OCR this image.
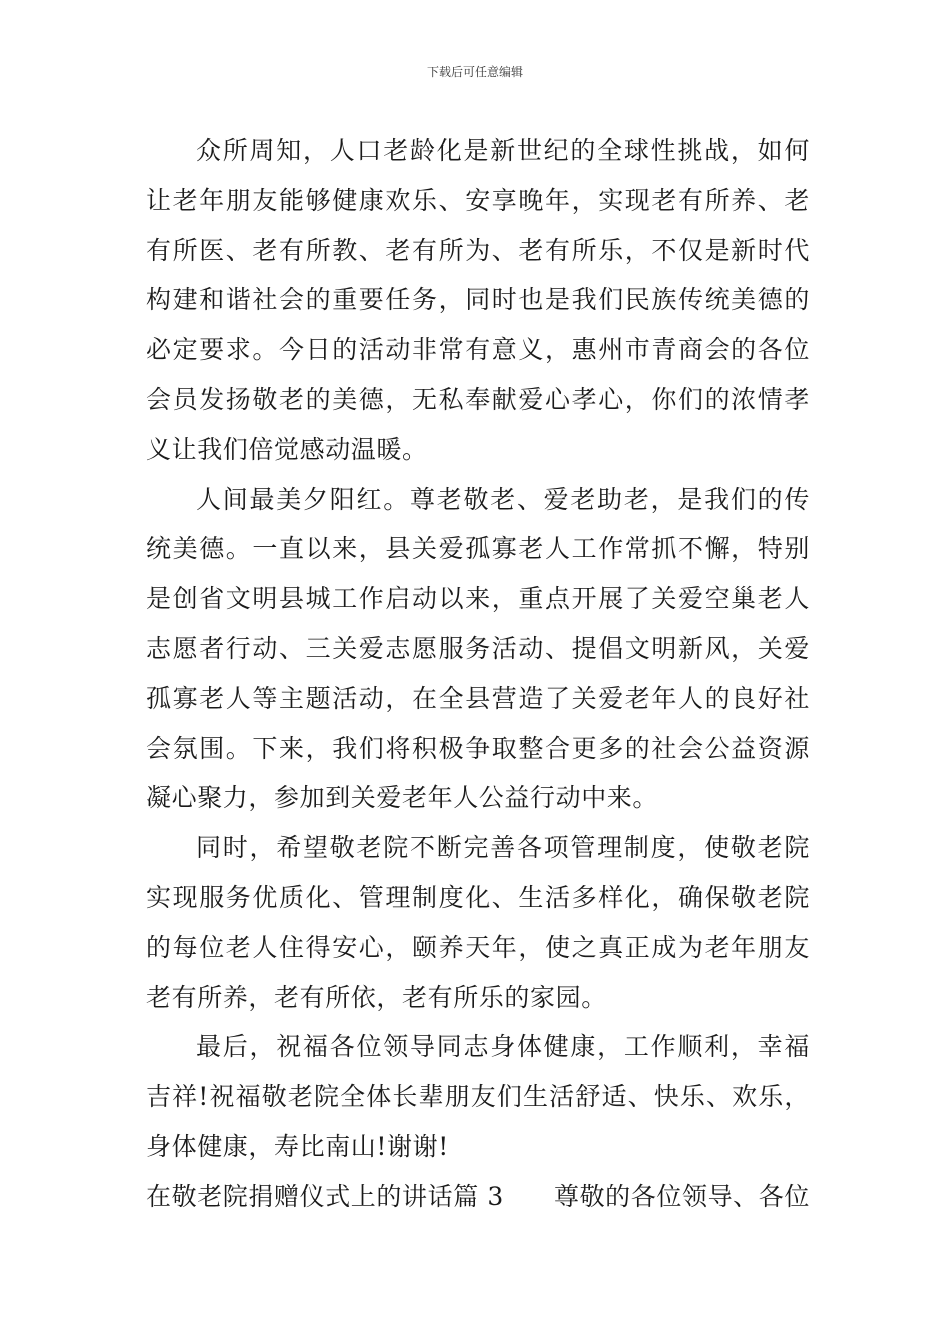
下载后可任意编辑

众所周知，人口老龄化是新世纪的全球性挑战，如何让老年朋友能够健康欢乐、安享晚年，实现老有所养、老有所医、老有所教、老有所为、老有所乐，不仅是新时代构建和谐社会的重要任务，同时也是我们民族传统美德的必定要求。今日的活动非常有意义，惠州市青商会的各位会员发扬敬老的美德，无私奉献爱心孝心，你们的浓情孝义让我们倍觉感动温暖。

人间最美夕阳红。尊老敬老、爱老助老，是我们的传统美德。一直以来，县关爱孤寡老人工作常抓不懈，特别是创省文明县城工作启动以来，重点开展了关爱空巢老人志愿者行动、三关爱志愿服务活动、提倡文明新风，关爱孤寡老人等主题活动，在全县营造了关爱老年人的良好社会氛围。下来，我们将积极争取整合更多的社会公益资源凝心聚力，参加到关爱老年人公益行动中来。

同时，希望敬老院不断完善各项管理制度，使敬老院实现服务优质化、管理制度化、生活多样化，确保敬老院的每位老人住得安心，颐养天年，使之真正成为老年朋友老有所养，老有所依，老有所乐的家园。

最后，祝福各位领导同志身体健康，工作顺利，幸福吉祥!祝福敬老院全体长辈朋友们生活舒适、快乐、欢乐，身体健康，寿比南山!谢谢!

在敬老院捐赠仪式上的讲话篇 3 尊敬的各位领导、各位
